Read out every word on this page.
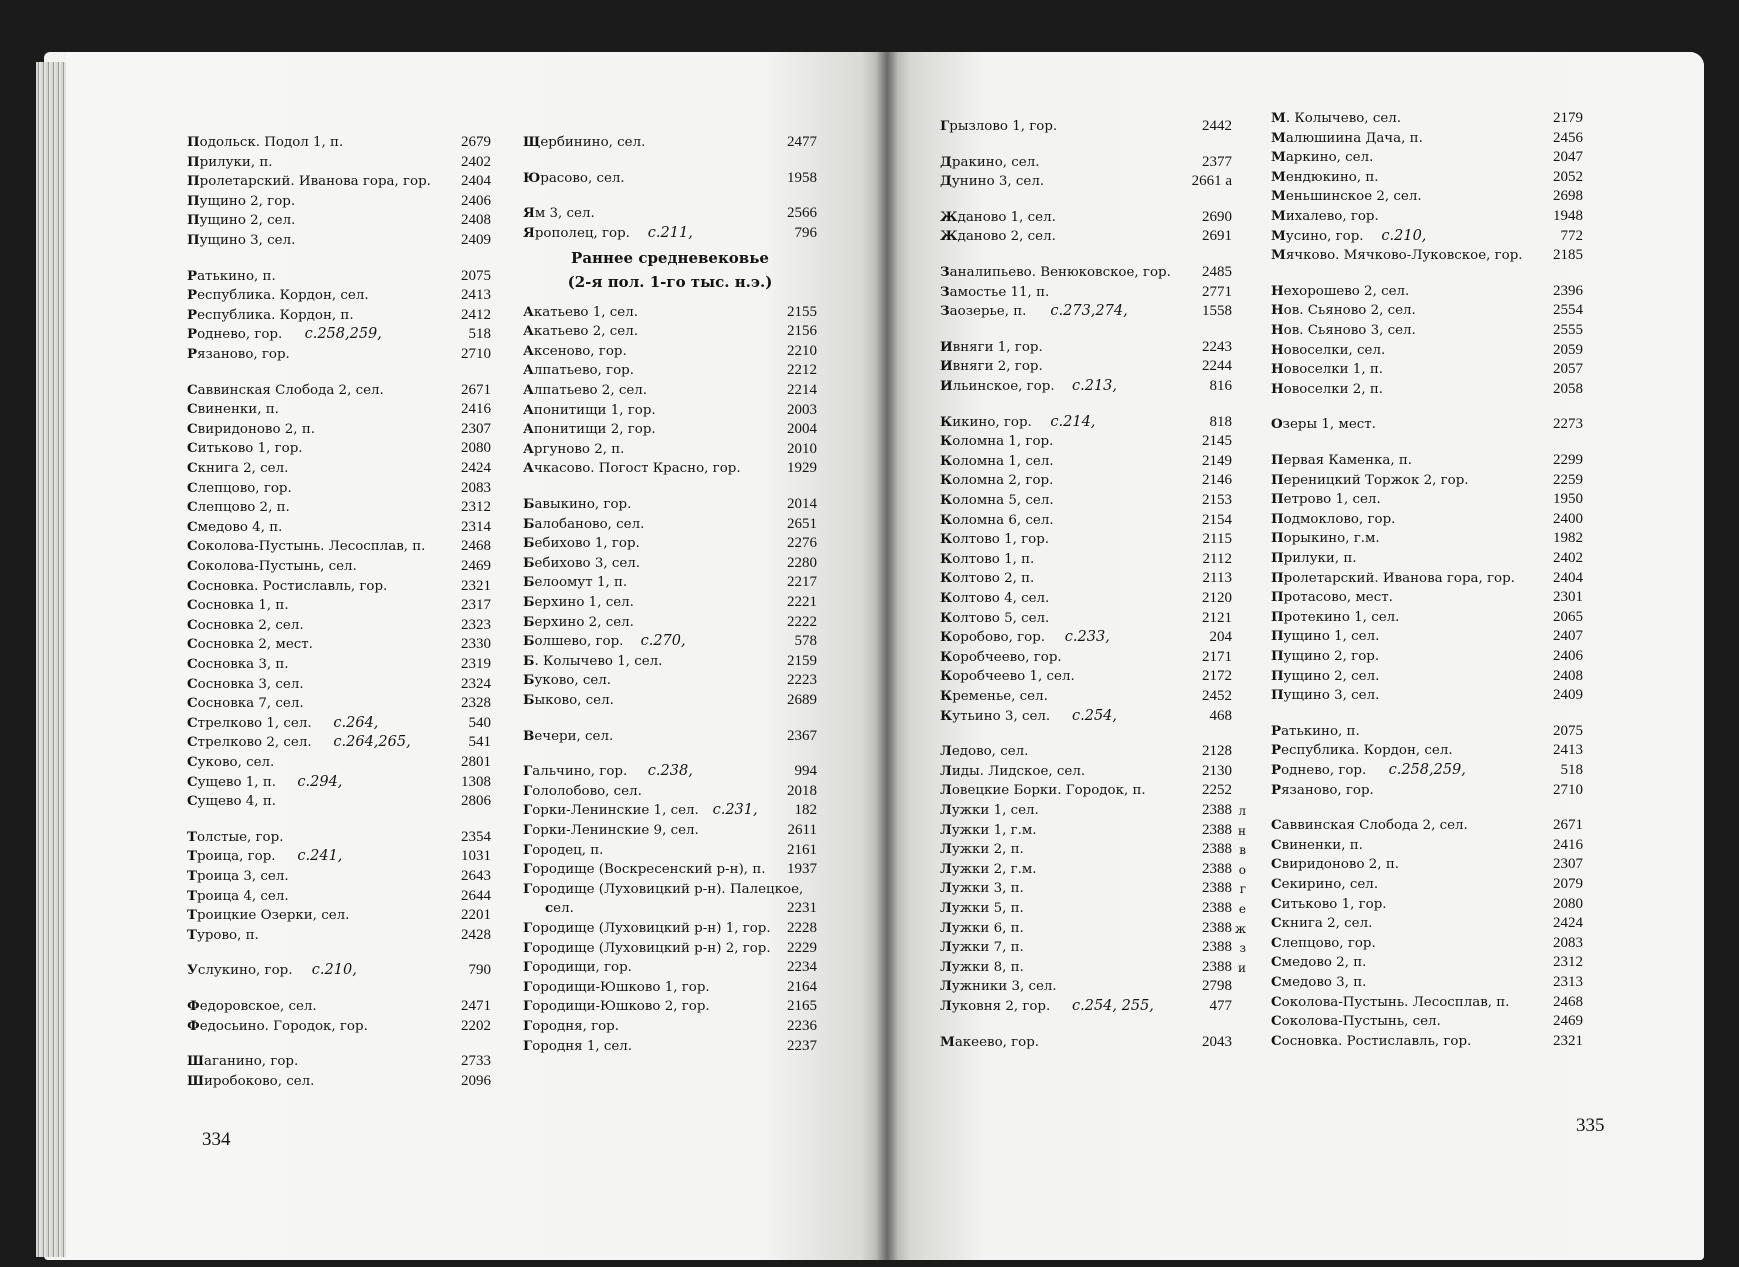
Подольск. Подол 1, п.	2679
Прилуки, п.	2402
Пролетарский. Иванова гора, гор. 2404
Пущино 2, гор.	2406
Пущино 2, сел.	2408
Пущино 3, сел.	2409
Ратькино, п.	2075
Республика. Кордон, сел.	2413
Республика. Кордон, п.	2412
Роднево, гор. с.258,259,	518
Рязаново, гор.	2710
Саввинская Слобода 2, сел.	2671
Свиненки, п.	2416
Свиридоново 2, п.	2307
Ситьково 1, гор.	2080
Скнига 2, сел.	2424
Слепцово, гор.	2083
Слепцово 2, п.	2312
Смедово 4, п.	2314
Соколова-Пустынь. Лесосплав, п. 2468
Соколова-Пустынь, сел.	2469
Сосновка. Ростиславль, гор.	2321
Сосновка 1, п.	2317
Сосновка 2, сел.	2323
Сосновка 2, мест.	2330
Сосновка 3, п.	2319
Сосновка 3, сел.	2324
Сосновка 7, сел.	2328
Стрелково 1, сел. с.264,	540
Стрелково 2, сел. с.264,265,	541
Суково, сел.	2801
Сущево 1, п. с.294,	1308
Сущево 4, п.	2806
Толстые, гор.	2354
Троица, гор. с.241,	1031
Троица 3, сел.	2643
Троица 4, сел.	2644
Троицкие Озерки, сел.	2201
Турово, п.	2428
Услукино, гор. с.210,	790
Федоровское, сел.	2471
Федосьино. Городок, гор.	2202
Шаганино, гор.	2733
Широбоково, сел.	2096
Щербинино, сел.	2477
Юрасово, сел.	1958
Ям 3, сел.	2566
Ярополец, гор. с.211,	796
Раннее средневековье
(2-я пол. 1-го тыс. н.э.)
Акатьево 1, сел.	2155
Акатьево 2, сел.	2156
Аксеново, гор.	2210
Алпатьево, гор.	2212
Алпатьево 2, сел.	2214
Апонитищи 1, гор.	2003
Апонитищи 2, гор.	2004
Аргуново 2, п.	2010
Ачкасово. Погост Красно, гор.	1929
Бавыкино, гор.	2014
Балобаново, сел.	2651
Бебихово 1, гор.	2276
Бебихово 3, сел.	2280
Белоомут 1, п.	2217
Берхино 1, сел.	2221
Берхино 2, сел.	2222
Болшево, гор. с.270,	578
Б. Колычево 1, сел.	2159
Буково, сел.	2223
Быково, сел.	2689
Вечери, сел.	2367
Гальчино, гор. с.238,	994
Гололобово, сел.	2018
Горки-Ленинские 1, сел. с.231, 182
Горки-Ленинские 9, сел.	2611
Городец, п.	2161
Городище (Воскресенский р-н), п. 1937
Городище (Луховицкий р-н). Палецкое,
сел.	2231
Городище (Луховицкий р-н) 1, гор. 2228
Городище (Луховицкий р-н) 2, гор. 2229
Городищи, гор.	2234
Городищи-Юшково 1, гор.	2164
Городищи-Юшково 2, гор.	2165
Городня, гор.	2236
Городня 1, сел.	2237
334
Грызлово 1, гор.	2442
Дракино, сел.	2377
Дунино 3, сел.	2661 а
Жданово 1, сел.	2690
Жданово 2, сел.	2691
Заналипьево. Венюковское, гор. 2485
Замостье 11, п.	2771
Заозерье, п. с.273,274,	1558
Ивняги 1, гор.	2243
Ивняги 2, гор.	2244
Ильинское, гор. с.213,	816
Кикино, гор. с.214,	818
Коломна 1, гор.	2145
Коломна 1, сел.	2149
Коломна 2, гор.	2146
Коломна 5, сел.	2153
Коломна 6, сел.	2154
Колтово 1, гор.	2115
Колтово 1, п.	2112
Колтово 2, п.	2113
Колтово 4, сел.	2120
Колтово 5, сел.	2121
Коробово, гор. с.233,	204
Коробчеево, гор.	2171
Коробчеево 1, сел.	2172
Кременье, сел.	2452
Кутьино 3, сел. с.254,	468
Ледово, сел.	2128
Лиды. Лидское, сел.	2130
Ловецкие Борки. Городок, п.	2252
Лужки 1, сел.	2388 л
Лужки 1, г.м.	2388 н
Лужки 2, п.	2388 в
Лужки 2, г.м.	2388 о
Лужки 3, п.	2388 г
Лужки 5, п.	2388 е
Лужки 6, п.	2388 ж
Лужки 7, п.	2388 з
Лужки 8, п.	2388 и
Лужники 3, сел.	2798
Луковня 2, гор. с.254, 255,	477
Макеево, гор.	2043
М. Колычево, сел.	2179
Малюшиина Дача, п.	2456
Маркино, сел.	2047
Мендюкино, п.	2052
Меньшинское 2, сел.	2698
Михалево, гор.	1948
Мусино, гор. с.210,	772
Мячково. Мячково-Луковское, гор. 2185
Нехорошево 2, сел.	2396
Нов. Сьяново 2, сел.	2554
Нов. Сьяново 3, сел.	2555
Новоселки, сел.	2059
Новоселки 1, п.	2057
Новоселки 2, п.	2058
Озеры 1, мест.	2273
Первая Каменка, п.	2299
Переницкий Торжок 2, гор.	2259
Петрово 1, сел.	1950
Подмоклово, гор.	2400
Порыкино, г.м.	1982
Прилуки, п.	2402
Пролетарский. Иванова гора, гор.	2404
Протасово, мест.	2301
Протекино 1, сел.	2065
Пущино 1, сел.	2407
Пущино 2, гор.	2406
Пущино 2, сел.	2408
Пущино 3, сел.	2409
Ратькино, п.	2075
Республика. Кордон, сел.	2413
Роднево, гор. с.258,259,	518
Рязаново, гор.	2710
Саввинская Слобода 2, сел.	2671
Свиненки, п.	2416
Свиридоново 2, п.	2307
Секирино, сел.	2079
Ситьково 1, гор.	2080
Скнига 2, сел.	2424
Слепцово, гор.	2083
Смедово 2, п.	2312
Смедово 3, п.	2313
Соколова-Пустынь. Лесосплав, п.	2468
Соколова-Пустынь, сел.	2469
Сосновка. Ростиславль, гор.	2321
335
